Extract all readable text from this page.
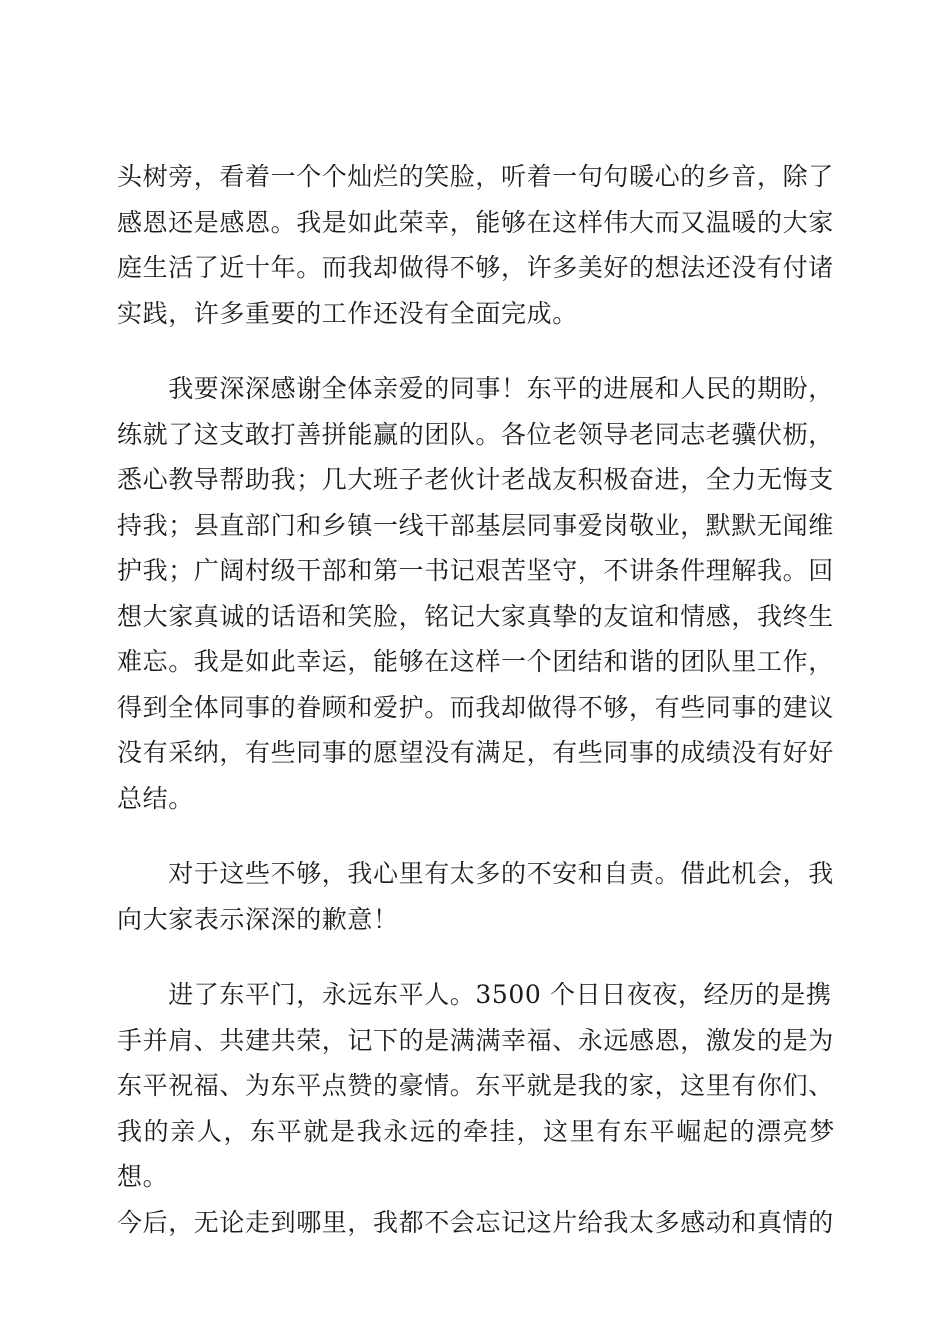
头树旁，看着一个个灿烂的笑脸，听着一句句暖心的乡音，除了
感恩还是感恩。我是如此荣幸，能够在这样伟大而又温暖的大家
庭生活了近十年。而我却做得不够，许多美好的想法还没有付诸
实践，许多重要的工作还没有全面完成。

　　我要深深感谢全体亲爱的同事！东平的进展和人民的期盼，
练就了这支敢打善拼能赢的团队。各位老领导老同志老骥伏枥，
悉心教导帮助我；几大班子老伙计老战友积极奋进，全力无悔支
持我；县直部门和乡镇一线干部基层同事爱岗敬业，默默无闻维
护我；广阔村级干部和第一书记艰苦坚守，不讲条件理解我。回
想大家真诚的话语和笑脸，铭记大家真挚的友谊和情感，我终生
难忘。我是如此幸运，能够在这样一个团结和谐的团队里工作，
得到全体同事的眷顾和爱护。而我却做得不够，有些同事的建议
没有采纳，有些同事的愿望没有满足，有些同事的成绩没有好好
总结。

　　对于这些不够，我心里有太多的不安和自责。借此机会，我
向大家表示深深的歉意！

　　进了东平门，永远东平人。3500 个日日夜夜，经历的是携
手并肩、共建共荣，记下的是满满幸福、永远感恩，激发的是为
东平祝福、为东平点赞的豪情。东平就是我的家，这里有你们、
我的亲人，东平就是我永远的牵挂，这里有东平崛起的漂亮梦想。
今后，无论走到哪里，我都不会忘记这片给我太多感动和真情的
